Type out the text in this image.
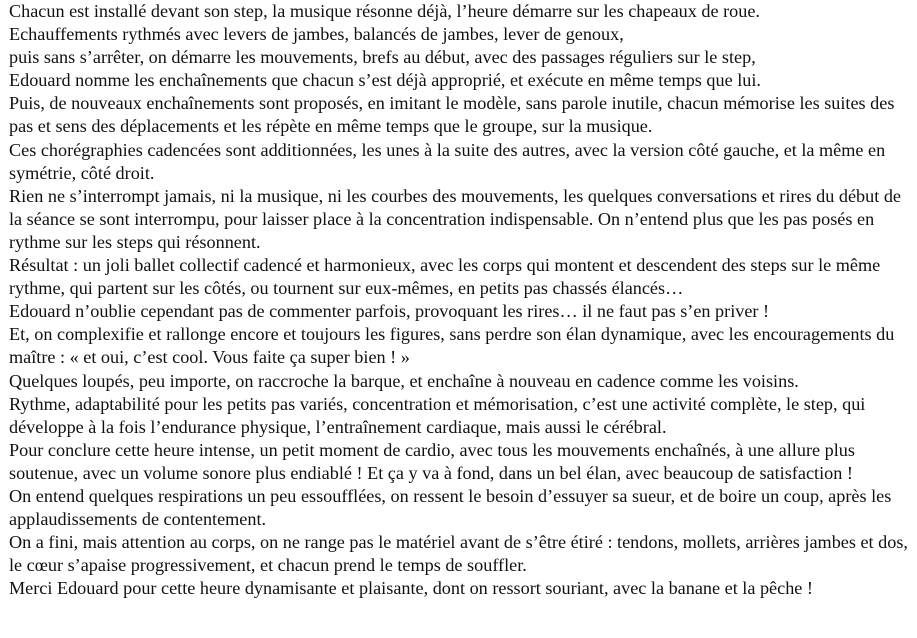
Chacun est installé devant son step, la musique résonne déjà, l’heure démarre sur les chapeaux de roue.

Echauffements rythmés avec levers de jambes, balancés de jambes, lever de genoux,

puis sans s’arrêter, on démarre les mouvements, brefs au début, avec des passages réguliers sur le step,

Edouard nomme les enchaînements que chacun s’est déjà approprié, et exécute en même temps que lui.

Puis, de nouveaux enchaînements sont proposés, en imitant le modèle, sans parole inutile, chacun mémorise les suites des pas et sens des déplacements et les répète en même temps que le groupe, sur la musique.

Ces chorégraphies cadencées sont additionnées, les unes à la suite des autres, avec la version côté gauche, et la même en symétrie, côté droit.

Rien ne s’interrompt jamais, ni la musique, ni les courbes des mouvements, les quelques conversations et rires du début de la séance se sont interrompu, pour laisser place à la concentration indispensable. On n’entend plus que les pas posés en rythme sur les steps qui résonnent.

Résultat : un joli ballet collectif cadencé et harmonieux, avec les corps qui montent et descendent des steps sur le même rythme, qui partent sur les côtés, ou tournent sur eux-mêmes, en petits pas chassés élancés…

Edouard n’oublie cependant pas de commenter parfois, provoquant les rires… il ne faut pas s’en priver !

Et, on complexifie et rallonge encore et toujours les figures, sans perdre son élan dynamique, avec les encouragements du maître : « et oui, c’est cool. Vous faite ça super bien ! »

Quelques loupés, peu importe, on raccroche la barque, et enchaîne à nouveau en cadence comme les voisins.

Rythme, adaptabilité pour les petits pas variés, concentration et mémorisation, c’est une activité complète, le step, qui développe à la fois l’endurance physique, l’entraînement cardiaque, mais aussi le cérébral.

Pour conclure cette heure intense, un petit moment de cardio, avec tous les mouvements enchaînés, à une allure plus soutenue, avec un volume sonore plus endiablé ! Et ça y va à fond, dans un bel élan, avec beaucoup de satisfaction !

On entend quelques respirations un peu essoufflées, on ressent le besoin d’essuyer sa sueur, et de boire un coup, après les applaudissements de contentement.

On a fini, mais attention au corps, on ne range pas le matériel avant de s’être étiré : tendons, mollets, arrières jambes et dos, le cœur s’apaise progressivement, et chacun prend le temps de souffler.

Merci Edouard pour cette heure dynamisante et plaisante, dont on ressort souriant, avec la banane et la pêche !
